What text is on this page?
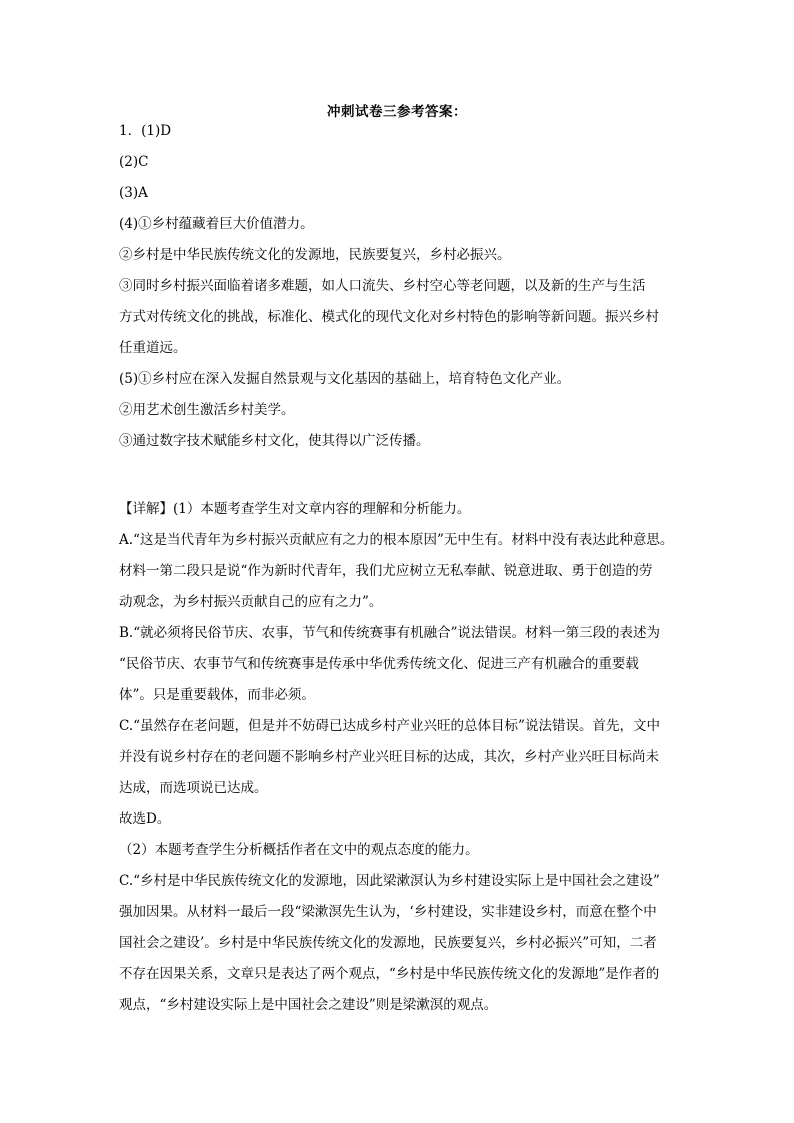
冲刺试卷三参考答案：

1．(1)D

(2)C

(3)A

(4)①乡村蕴藏着巨大价值潜力。

②乡村是中华民族传统文化的发源地，民族要复兴，乡村必振兴。

③同时乡村振兴面临着诸多难题，如人口流失、乡村空心等老问题，以及新的生产与生活

方式对传统文化的挑战，标准化、模式化的现代文化对乡村特色的影响等新问题。振兴乡村

任重道远。

(5)①乡村应在深入发掘自然景观与文化基因的基础上，培育特色文化产业。

②用艺术创生激活乡村美学。

③通过数字技术赋能乡村文化，使其得以广泛传播。

【详解】(1）本题考查学生对文章内容的理解和分析能力。

A.“这是当代青年为乡村振兴贡献应有之力的根本原因”无中生有。材料中没有表达此种意思。

材料一第二段只是说“作为新时代青年，我们尤应树立无私奉献、锐意进取、勇于创造的劳

动观念，为乡村振兴贡献自己的应有之力”。

B.“就必须将民俗节庆、农事，节气和传统赛事有机融合”说法错误。材料一第三段的表述为

“民俗节庆、农事节气和传统赛事是传承中华优秀传统文化、促进三产有机融合的重要载

体”。只是重要载体，而非必须。

C.“虽然存在老问题，但是并不妨碍已达成乡村产业兴旺的总体目标”说法错误。首先，文中

并没有说乡村存在的老问题不影响乡村产业兴旺目标的达成，其次，乡村产业兴旺目标尚未

达成，而选项说已达成。

故选D。

（2）本题考查学生分析概括作者在文中的观点态度的能力。

C.“乡村是中华民族传统文化的发源地，因此梁漱溟认为乡村建设实际上是中国社会之建设”

强加因果。从材料一最后一段“梁漱溟先生认为，‘乡村建设，实非建设乡村，而意在整个中

国社会之建设’。乡村是中华民族传统文化的发源地，民族要复兴，乡村必振兴”可知，二者

不存在因果关系，文章只是表达了两个观点，“乡村是中华民族传统文化的发源地”是作者的

观点，“乡村建设实际上是中国社会之建设”则是梁漱溟的观点。
